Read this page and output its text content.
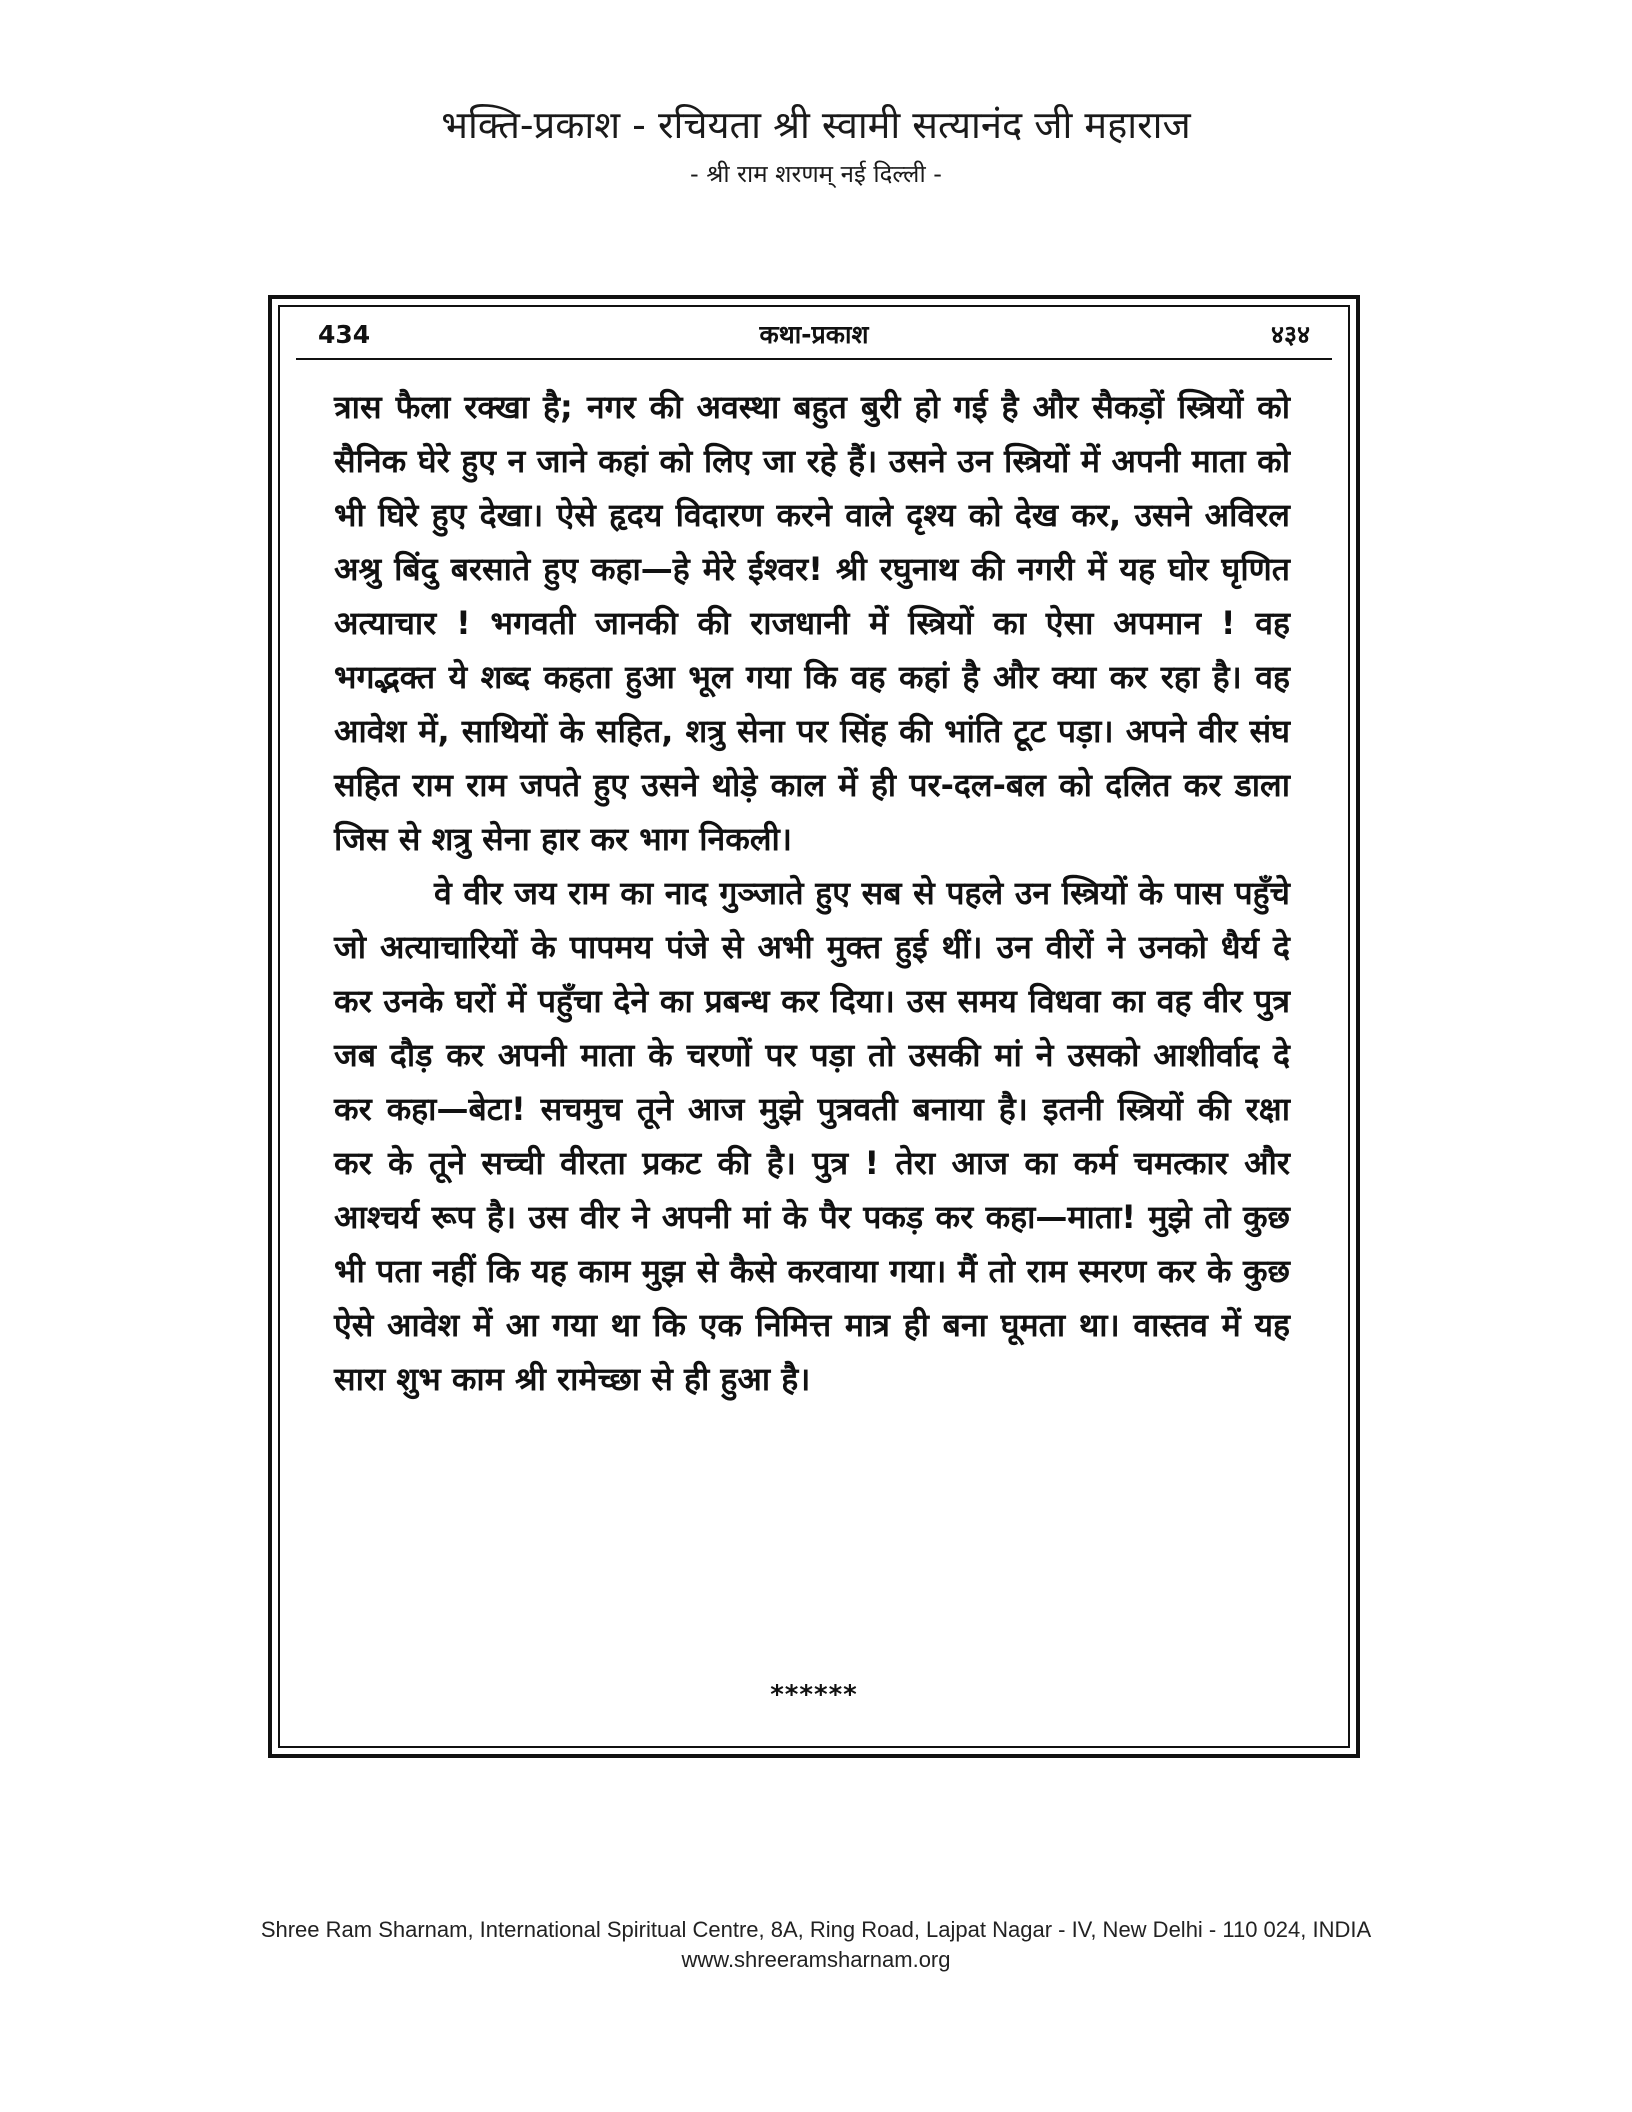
भक्ति-प्रकाश - रचियता श्री स्वामी सत्यानंद जी महाराज
- श्री राम शरणम् नई दिल्ली -
434	कथा-प्रकाश	४३४

त्रास फैला रक्खा है; नगर की अवस्था बहुत बुरी हो गई है और सैकड़ों स्त्रियों को सैनिक घेरे हुए न जाने कहां को लिए जा रहे हैं। उसने उन स्त्रियों में अपनी माता को भी घिरे हुए देखा। ऐसे हृदय विदारण करने वाले दृश्य को देख कर, उसने अविरल अश्रु बिंदु बरसाते हुए कहा—हे मेरे ईश्वर! श्री रघुनाथ की नगरी में यह घोर घृणित अत्याचार ! भगवती जानकी की राजधानी में स्त्रियों का ऐसा अपमान ! वह भगद्भक्त ये शब्द कहता हुआ भूल गया कि वह कहां है और क्या कर रहा है। वह आवेश में, साथियों के सहित, शत्रु सेना पर सिंह की भांति टूट पड़ा। अपने वीर संघ सहित राम राम जपते हुए उसने थोड़े काल में ही पर-दल-बल को दलित कर डाला जिस से शत्रु सेना हार कर भाग निकली।

वे वीर जय राम का नाद गुञ्जाते हुए सब से पहले उन स्त्रियों के पास पहुँचे जो अत्याचारियों के पापमय पंजे से अभी मुक्त हुई थीं। उन वीरों ने उनको धैर्य दे कर उनके घरों में पहुँचा देने का प्रबन्ध कर दिया। उस समय विधवा का वह वीर पुत्र जब दौड़ कर अपनी माता के चरणों पर पड़ा तो उसकी मां ने उसको आशीर्वाद दे कर कहा—बेटा! सचमुच तूने आज मुझे पुत्रवती बनाया है। इतनी स्त्रियों की रक्षा कर के तूने सच्ची वीरता प्रकट की है। पुत्र ! तेरा आज का कर्म चमत्कार और आश्चर्य रूप है। उस वीर ने अपनी मां के पैर पकड़ कर कहा—माता! मुझे तो कुछ भी पता नहीं कि यह काम मुझ से कैसे करवाया गया। मैं तो राम स्मरण कर के कुछ ऐसे आवेश में आ गया था कि एक निमित्त मात्र ही बना घूमता था। वास्तव में यह सारा शुभ काम श्री रामेच्छा से ही हुआ है।

******
Shree Ram Sharnam, International Spiritual Centre, 8A, Ring Road, Lajpat Nagar - IV, New Delhi - 110 024, INDIA
www.shreeramsharnam.org
